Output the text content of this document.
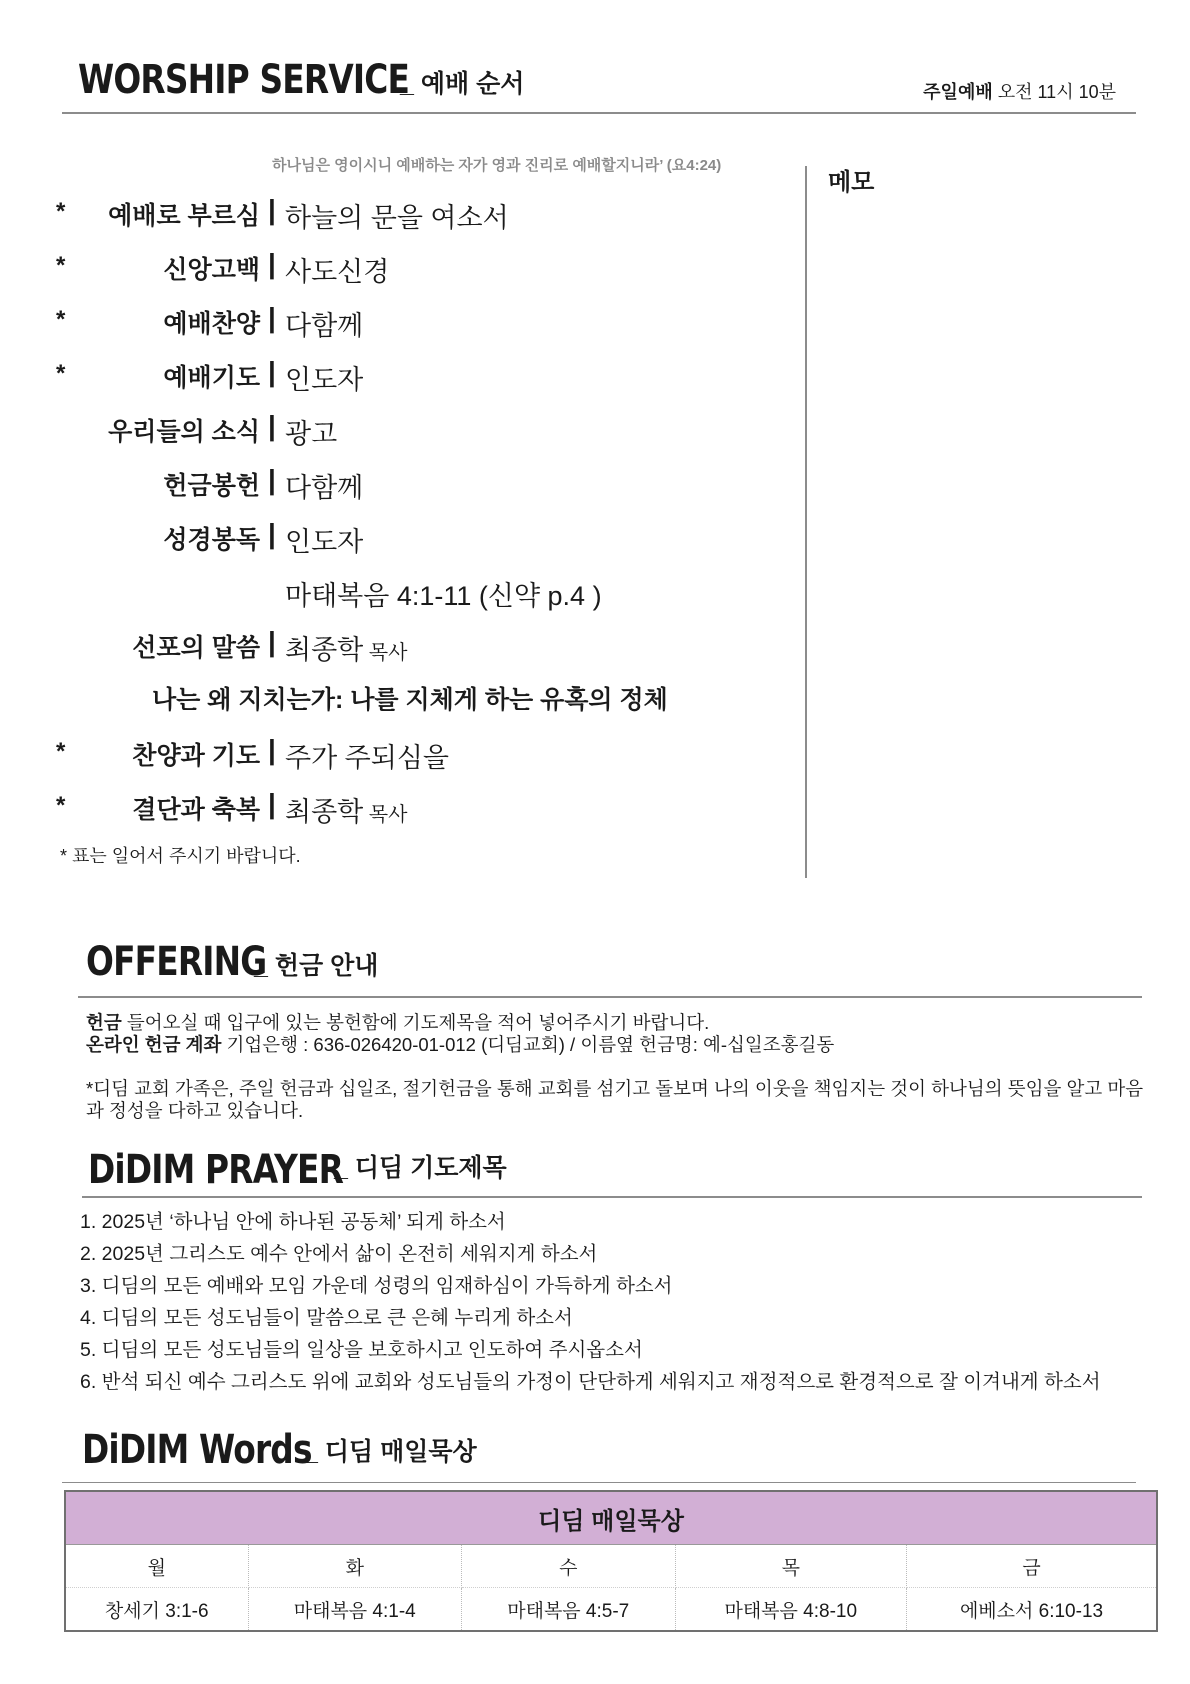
WORSHIP SERVICE
_ 예배 순서	주일예배 오전 11시 10분
하나님은 영이시니 예배하는 자가 영과 진리로 예배할지니라’ (요4:24)
메모
* 예배로 부르심 | 하늘의 문을 여소서
*	신앙고백 | 사도신경
*	예배찬양 | 다함께
*	예배기도 | 인도자
우리들의 소식 | 광고
헌금봉헌 | 다함께
성경봉독 | 인도자
마태복음 4:1-11 (신약 p.4 )
선포의 말씀 | 최종학 목사
나는 왜 지치는가: 나를 지체게 하는 유혹의 정체
*	찬양과 기도 | 주가 주되심을
*	결단과 축복 | 최종학 목사
* 표는 일어서 주시기 바랍니다.
OFFERING
_ 헌금 안내
헌금 들어오실 때 입구에 있는 봉헌함에 기도제목을 적어 넣어주시기 바랍니다.
온라인 헌금 계좌 기업은행 : 636-026420-01-012 (디딤교회) / 이름옆 헌금명: 예-십일조홍길동
*디딤 교회 가족은, 주일 헌금과 십일조, 절기헌금을 통해 교회를 섬기고 돌보며 나의 이웃을 책임지는 것이 하나님의 뜻임을 알고 마음과 정성을 다하고 있습니다.
DiDIM PRAYER
_ 디딤 기도제목
1. 2025년 ‘하나님 안에 하나된 공동체’ 되게 하소서
2. 2025년 그리스도 예수 안에서 삶이 온전히 세워지게 하소서
3. 디딤의 모든 예배와 모임 가운데 성령의 임재하심이 가득하게 하소서
4. 디딤의 모든 성도님들이 말씀으로 큰 은혜 누리게 하소서
5. 디딤의 모든 성도님들의 일상을 보호하시고 인도하여 주시옵소서
6. 반석 되신 예수 그리스도 위에 교회와 성도님들의 가정이 단단하게 세워지고 재정적으로 환경적으로 잘 이겨내게 하소서
DiDIM Words
_ 디딤 매일묵상
디딤 매일묵상				
월	화	수	목	금
창세기 3:1-6	마태복음 4:1-4	마태복음 4:5-7	마태복음 4:8-10	에베소서 6:10-13
